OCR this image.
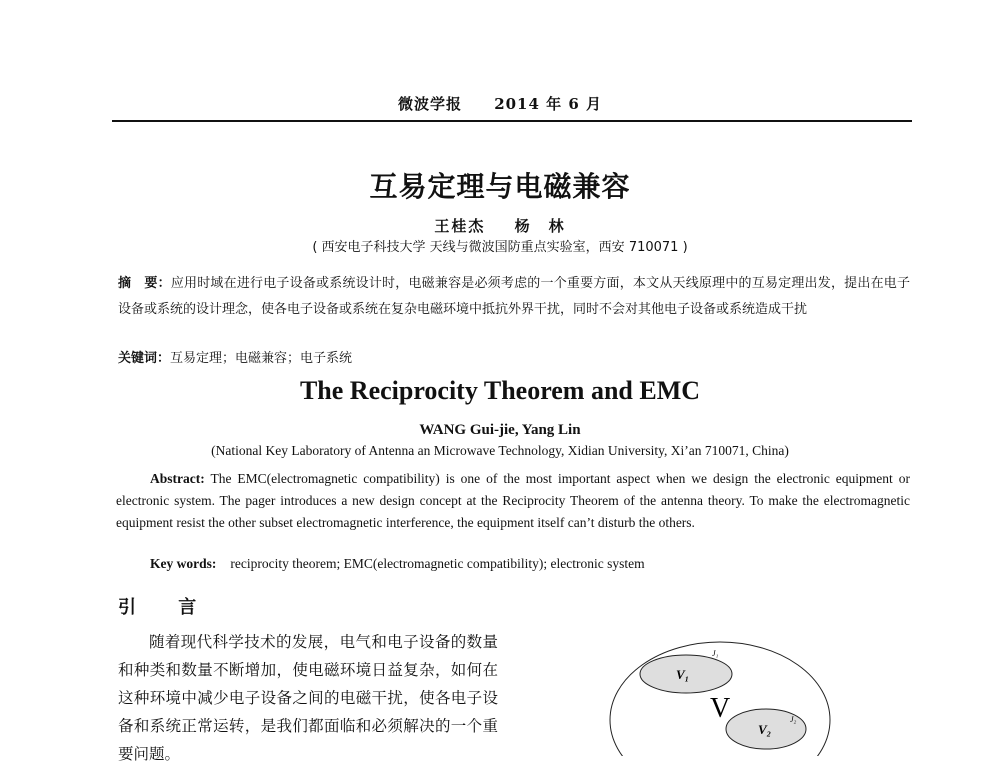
微波学报 2014 年 6 月
互易定理与电磁兼容
王桂杰 杨　林
( 西安电子科技大学 天线与微波国防重点实验室，西安 710071 )
摘　要：应用时域在进行电子设备或系统设计时，电磁兼容是必须考虑的一个重要方面，本文从天线原理中的互易定理出发，提出在电子设备或系统的设计理念，使各电子设备或系统在复杂电磁环境中抵抗外界干扰，同时不会对其他电子设备或系统造成干扰
关键词：互易定理；电磁兼容；电子系统
The Reciprocity Theorem and EMC
WANG Gui-jie, Yang Lin
(National Key Laboratory of Antenna an Microwave Technology, Xidian University, Xi’an 710071, China)
Abstract: The EMC(electromagnetic compatibility) is one of the most important aspect when we design the electronic equipment or electronic system. The pager introduces a new design concept at the Reciprocity Theorem of the antenna theory. To make the electromagnetic equipment resist the other subset electromagnetic interference, the equipment itself can’t disturb the others.
Key words: reciprocity theorem; EMC(electromagnetic compatibility); electronic system
引 言
随着现代科学技术的发展，电气和电子设备的数量和种类和数量不断增加，使电磁环境日益复杂，如何在这种环境中减少电子设备之间的电磁干扰，使各电子设备和系统正常运转，是我们都面临和必须解决的一个重要问题。
V₁
V₂
V
J₁
J₂
